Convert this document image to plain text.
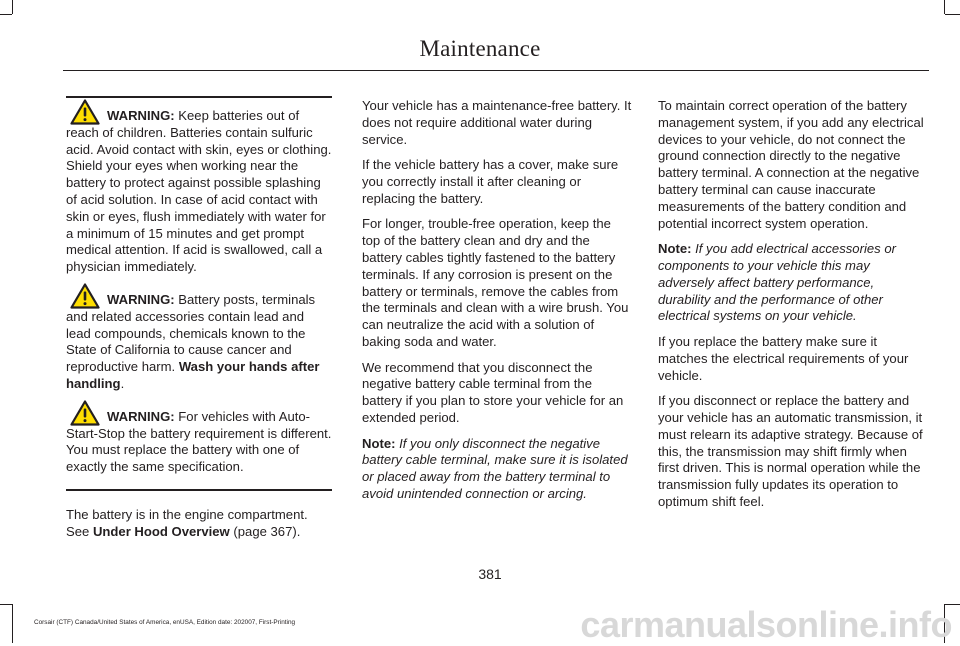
Maintenance
WARNING: Keep batteries out of reach of children. Batteries contain sulfuric acid. Avoid contact with skin, eyes or clothing. Shield your eyes when working near the battery to protect against possible splashing of acid solution. In case of acid contact with skin or eyes, flush immediately with water for a minimum of 15 minutes and get prompt medical attention. If acid is swallowed, call a physician immediately.
WARNING: Battery posts, terminals and related accessories contain lead and lead compounds, chemicals known to the State of California to cause cancer and reproductive harm. Wash your hands after handling.
WARNING: For vehicles with Auto-Start-Stop the battery requirement is different. You must replace the battery with one of exactly the same specification.

The battery is in the engine compartment. See Under Hood Overview (page 367).

Your vehicle has a maintenance-free battery. It does not require additional water during service.

If the vehicle battery has a cover, make sure you correctly install it after cleaning or replacing the battery.

For longer, trouble-free operation, keep the top of the battery clean and dry and the battery cables tightly fastened to the battery terminals. If any corrosion is present on the battery or terminals, remove the cables from the terminals and clean with a wire brush. You can neutralize the acid with a solution of baking soda and water.

We recommend that you disconnect the negative battery cable terminal from the battery if you plan to store your vehicle for an extended period.

Note: If you only disconnect the negative battery cable terminal, make sure it is isolated or placed away from the battery terminal to avoid unintended connection or arcing.

To maintain correct operation of the battery management system, if you add any electrical devices to your vehicle, do not connect the ground connection directly to the negative battery terminal. A connection at the negative battery terminal can cause inaccurate measurements of the battery condition and potential incorrect system operation.

Note: If you add electrical accessories or components to your vehicle this may adversely affect battery performance, durability and the performance of other electrical systems on your vehicle.

If you replace the battery make sure it matches the electrical requirements of your vehicle.

If you disconnect or replace the battery and your vehicle has an automatic transmission, it must relearn its adaptive strategy. Because of this, the transmission may shift firmly when first driven. This is normal operation while the transmission fully updates its operation to optimum shift feel.

381
Corsair (CTF) Canada/United States of America, enUSA, Edition date: 202007, First-Printing	carmanualsonline.info
